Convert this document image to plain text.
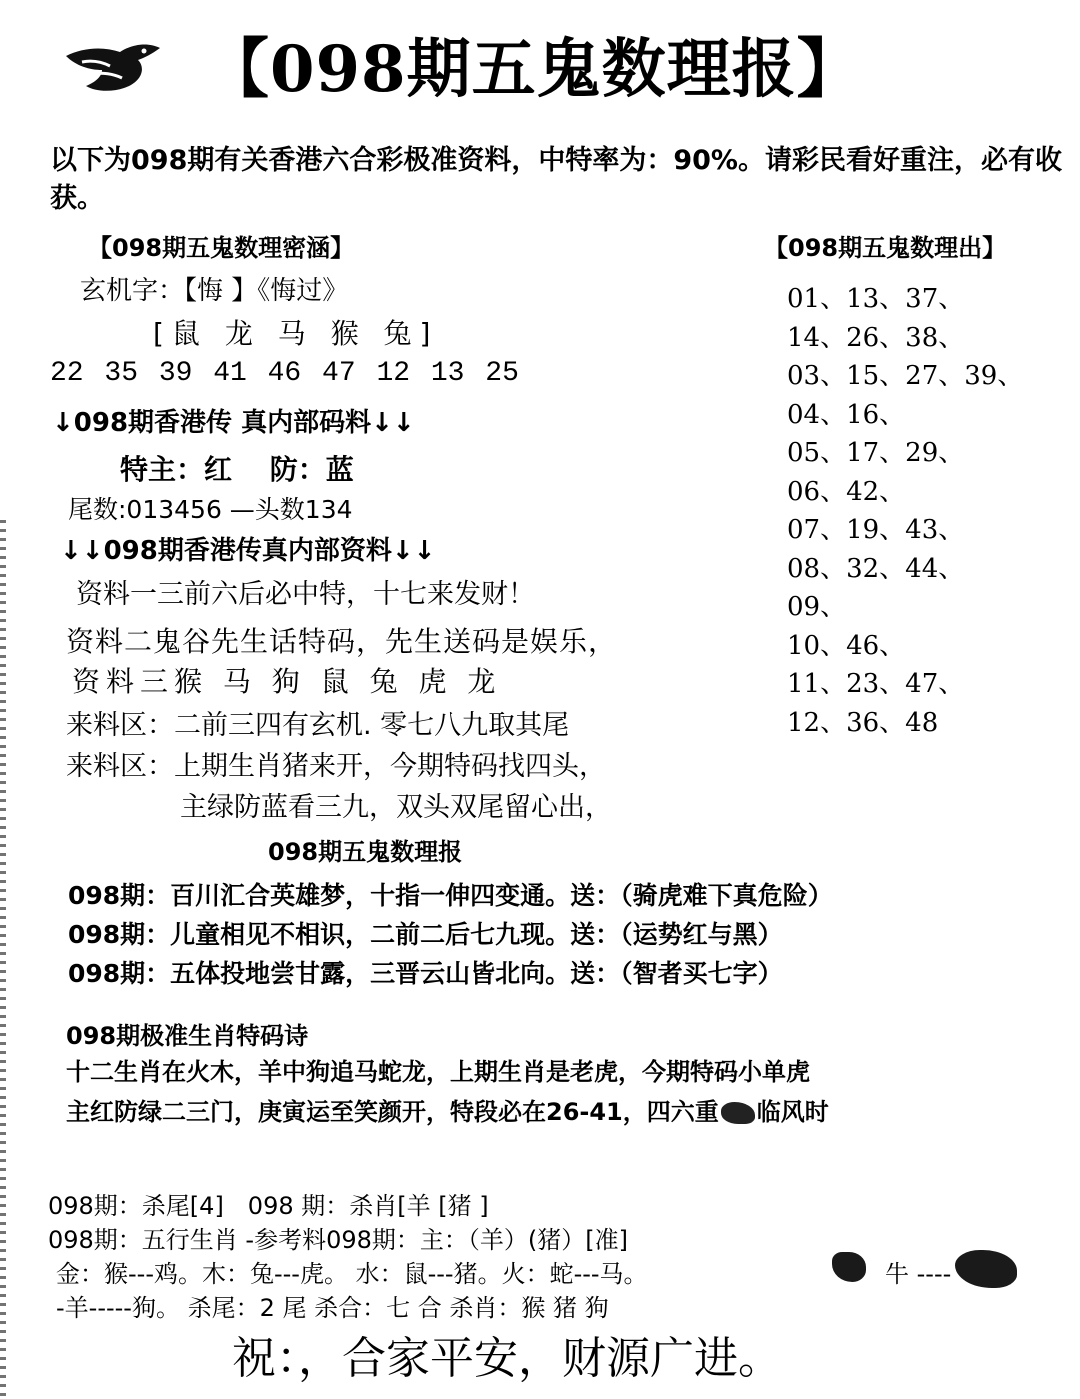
【098期五鬼数理报】
以下为098期有关香港六合彩极准资料，中特率为：90%。请彩民看好重注，必有收获。
【098期五鬼数理密涵】
玄机字：【悔 】《悔过》
[鼠 龙 马 猴 兔]
22 35 39 41 46 47 12 13 25
↓098期香港传 真内部码料↓↓
特主：红　 防：蓝
尾数:013456 —头数134
↓↓098期香港传真内部资料↓↓
资料一三前六后必中特，十七来发财！
资料二鬼谷先生话特码，先生送码是娱乐，
资料三猴 马 狗 鼠 兔 虎 龙
来料区：二前三四有玄机. 零七八九取其尾
来料区：上期生肖猪来开，今期特码找四头，
主绿防蓝看三九，双头双尾留心出，
【098期五鬼数理出】
01、13、37、
14、26、38、
03、15、27、39、
04、16、
05、17、29、
06、42、
07、19、43、
08、32、44、
09、
10、46、
11、23、47、
12、36、48
098期五鬼数理报
098期：百川汇合英雄梦，十指一伸四变通。送：（骑虎难下真危险）
098期：儿童相见不相识，二前二后七九现。送：（运势红与黑）
098期：五体投地尝甘露，三晋云山皆北向。送：（智者买七字）
098期极准生肖特码诗
十二生肖在火木，羊中狗追马蛇龙，上期生肖是老虎，今期特码小单虎
主红防绿二三门，庚寅运至笑颜开，特段必在26-41，四六重 临风时
098期：杀尾[4]　098 期：杀肖[羊 [猪 ]
098期：五行生肖 -参考料098期：主：（羊）(猪）[准]
金：猴---鸡。木：兔---虎。 水：鼠---猪。火：蛇---马。	牛 ----
-羊-----狗。 杀尾：2 尾 杀合：七 合 杀肖：猴 猪 狗
祝：，合家平安，财源广进。
